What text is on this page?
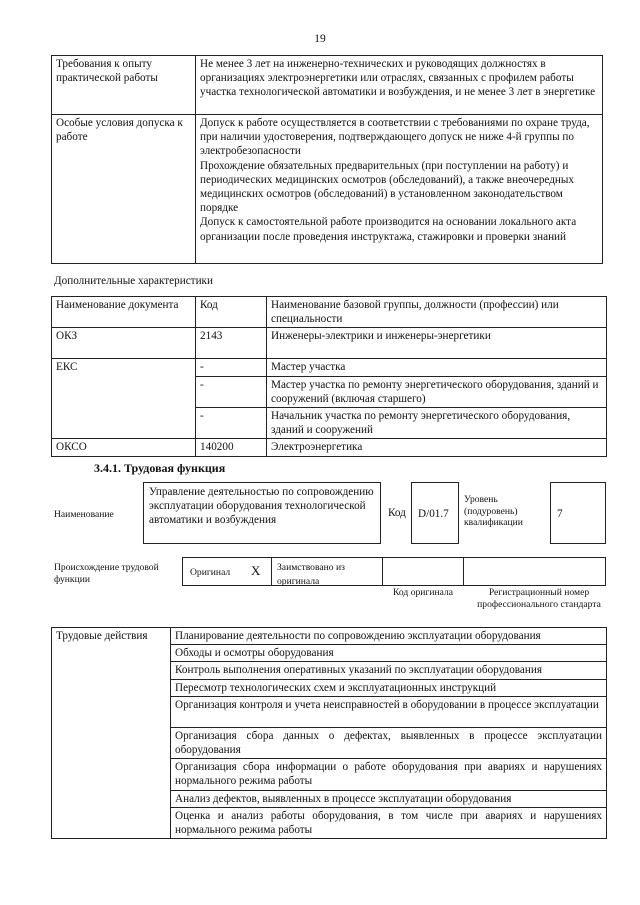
19
Требования к опыту практической работы	Не менее 3 лет на инженерно-технических и руководящих должностях в организациях электроэнергетики или отраслях, связанных с профилем работы участка технологической автоматики и возбуждения, и не менее 3 лет в энергетике
Особые условия допуска к работе	Допуск к работе осуществляется в соответствии с требованиями по охране труда, при наличии удостоверения, подтверждающего допуск не ниже 4-й группы по электробезопасности
Прохождение обязательных предварительных (при поступлении на работу) и периодических медицинских осмотров (обследований), а также внеочередных медицинских осмотров (обследований) в установленном законодательством порядке
Допуск к самостоятельной работе производится на основании локального акта организации после проведения инструктажа, стажировки и проверки знаний
Дополнительные характеристики
Наименование документа	Код	Наименование базовой группы, должности (профессии) или специальности
ОКЗ	2143	Инженеры-электрики и инженеры-энергетики
ЕКС	-	Мастер участка
	-	Мастер участка по ремонту энергетического оборудования, зданий и сооружений (включая старшего)
	-	Начальник участка по ремонту энергетического оборудования, зданий и сооружений
ОКСО	140200	Электроэнергетика
3.4.1. Трудовая функция
Наименование
Управление деятельностью по сопровождению эксплуатации оборудования технологической автоматики и возбуждения
Код	D/01.7
Уровень (подуровень) квалификации
7
Происхождение трудовой функции
Оригинал X	Заимствовано из оригинала
Код оригинала	Регистрационный номер профессионального стандарта
Трудовые действия	Планирование деятельности по сопровождению эксплуатации оборудования
Обходы и осмотры оборудования
Контроль выполнения оперативных указаний по эксплуатации оборудования
Пересмотр технологических схем и эксплуатационных инструкций
Организация контроля и учета неисправностей в оборудовании в процессе эксплуатации
Организация сбора данных о дефектах, выявленных в процессе эксплуатации оборудования
Организация сбора информации о работе оборудования при авариях и нарушениях нормального режима работы
Анализ дефектов, выявленных в процессе эксплуатации оборудования
Оценка и анализ работы оборудования, в том числе при авариях и нарушениях нормального режима работы
